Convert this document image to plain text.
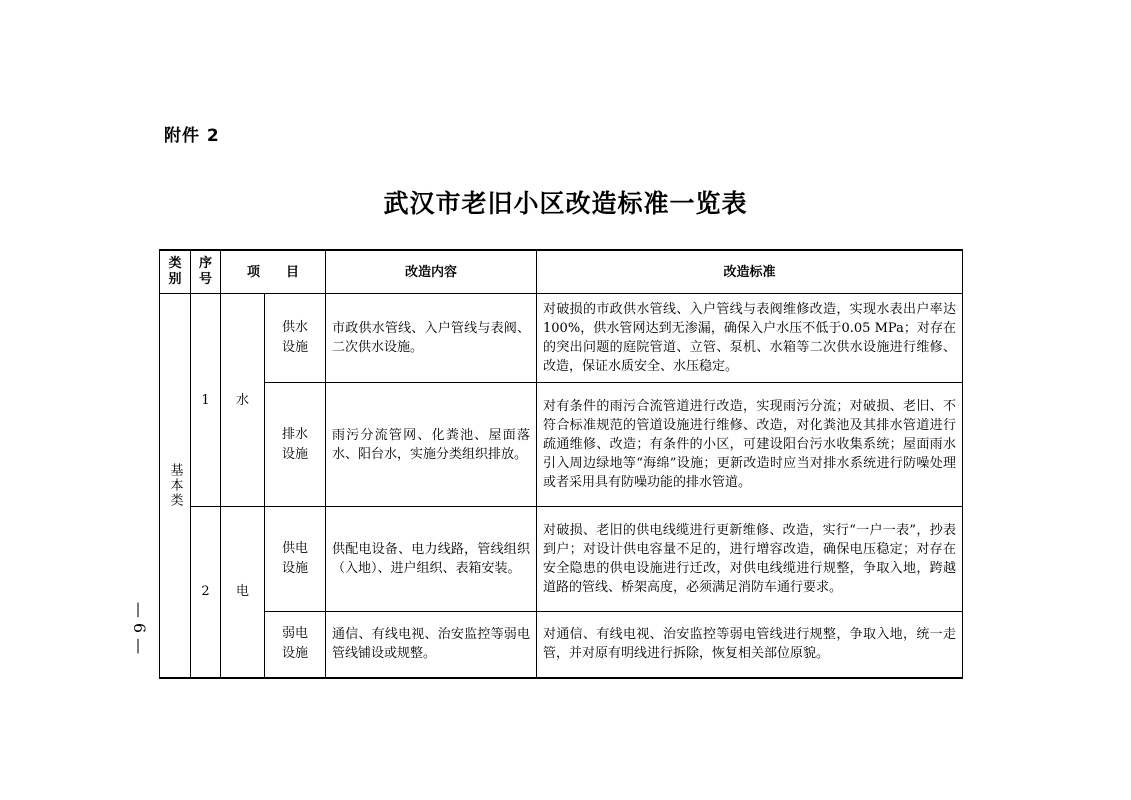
附件 2
武汉市老旧小区改造标准一览表
— 6 —
类别	序号	项　　目		改造内容	改造标准

基本类	1	水	供水设施	市政供水管线、入户管线与表阀、二次供水设施。	对破损的市政供水管线、入户管线与表阀维修改造，实现水表出户率达 100%，供水管网达到无渗漏，确保入户水压不低于0.05 MPa；对存在的突出问题的庭院管道、立管、泵机、水箱等二次供水设施进行维修、改造，保证水质安全、水压稳定。

			排水设施	雨污分流管网、化粪池、屋面落水、阳台水，实施分类组织排放。	对有条件的雨污合流管道进行改造，实现雨污分流；对破损、老旧、不符合标准规范的管道设施进行维修、改造，对化粪池及其排水管道进行疏通维修、改造；有条件的小区，可建设阳台污水收集系统；屋面雨水引入周边绿地等“海绵”设施；更新改造时应当对排水系统进行防噪处理或者采用具有防噪功能的排水管道。
	2	电	供电设施	供配电设备、电力线路，管线组织（入地）、进户组织、表箱安装。	对破损、老旧的供电线缆进行更新维修、改造，实行“一户一表”，抄表到户；对设计供电容量不足的，进行增容改造，确保电压稳定；对存在安全隐患的供电设施进行迁改，对供电线缆进行规整，争取入地，跨越道路的管线、桥架高度，必须满足消防车通行要求。

			弱电设施	通信、有线电视、治安监控等弱电管线铺设或规整。	对通信、有线电视、治安监控等弱电管线进行规整，争取入地，统一走管，并对原有明线进行拆除，恢复相关部位原貌。
